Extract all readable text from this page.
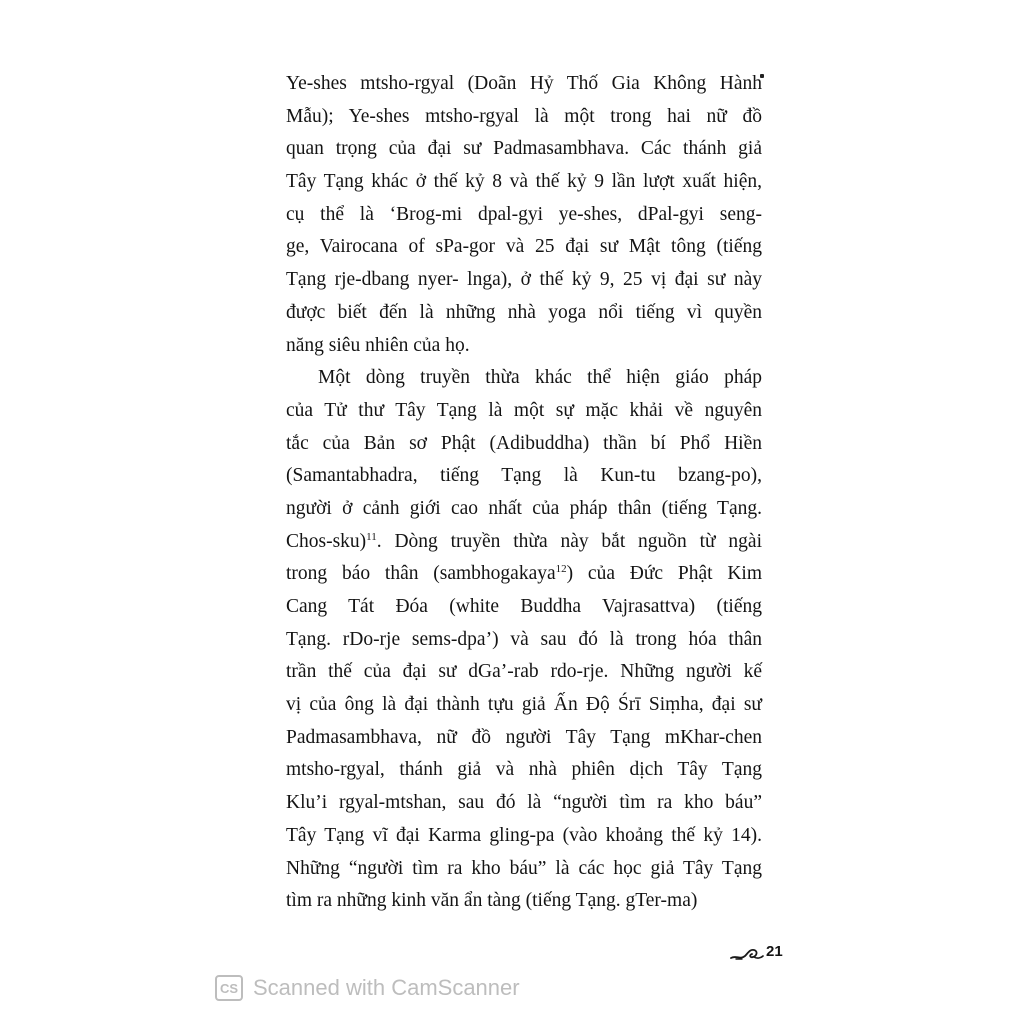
Ye-shes mtsho-rgyal (Doãn Hỷ Thố Gia Không Hành
Mẫu); Ye-shes mtsho-rgyal là một trong hai nữ đồ
quan trọng của đại sư Padmasambhava. Các thánh giả
Tây Tạng khác ở thế kỷ 8 và thế kỷ 9 lần lượt xuất hiện,
cụ thể là ‘Brog-mi dpal-gyi ye-shes, dPal-gyi seng-
ge, Vairocana of sPa-gor và 25 đại sư Mật tông (tiếng
Tạng rje-dbang nyer- lnga), ở thế kỷ 9, 25 vị đại sư này
được biết đến là những nhà yoga nổi tiếng vì quyền
năng siêu nhiên của họ.
Một dòng truyền thừa khác thể hiện giáo pháp
của Tử thư Tây Tạng là một sự mặc khải về nguyên
tắc của Bản sơ Phật (Adibuddha) thần bí Phổ Hiền
(Samantabhadra, tiếng Tạng là Kun-tu bzang-po),
người ở cảnh giới cao nhất của pháp thân (tiếng Tạng.
Chos-sku)$^{11}$. Dòng truyền thừa này bắt nguồn từ ngài
trong báo thân (sambhogakaya$^{12}$) của Đức Phật Kim
Cang Tát Đóa (white Buddha Vajrasattva) (tiếng
Tạng. rDo-rje sems-dpa’) và sau đó là trong hóa thân
trần thế của đại sư dGa’-rab rdo-rje. Những người kế
vị của ông là đại thành tựu giả Ấn Độ Śrī Siṃha, đại sư
Padmasambhava, nữ đồ người Tây Tạng mKhar-chen
mtsho-rgyal, thánh giả và nhà phiên dịch Tây Tạng
Klu’i rgyal-mtshan, sau đó là “người tìm ra kho báu”
Tây Tạng vĩ đại Karma gling-pa (vào khoảng thế kỷ 14).
Những “người tìm ra kho báu” là các học giả Tây Tạng
tìm ra những kinh văn ẩn tàng (tiếng Tạng. gTer-ma)
21
CS Scanned with CamScanner
